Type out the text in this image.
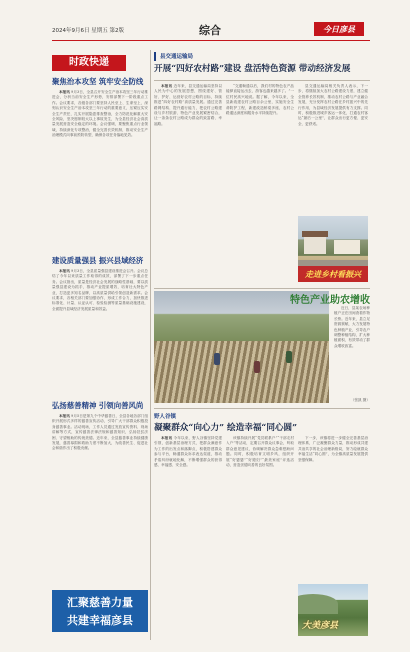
2024年9月6日 星期五 第2版	综合	今日彦县
时政快递
聚焦治本攻坚 筑牢安全防线

本报讯 9月3日，全县召开安全生产治本攻坚三年行动推进会，分析当前安全生产形势，安排部署下一阶段重点工作。会议要求，各级各部门要坚持人民至上、生命至上，深刻认识安全生产治本攻坚三年行动的重要意义，压紧压实安全生产责任，扎实开展隐患排查整治，全力防范化解重大安全风险，坚决遏制较大以上事故发生，为全县经济社会高质量发展营造安全稳定的环境。会议强调，要聚焦重点行业领域，持续深化专项整治，健全完善长效机制，推动安全生产治理模式向事前预防转型，确保各项任务落地见效。

建设质量强县 振兴县域经济

本报讯 9月3日，全县质量强县建设推进会召开。会议总结了今年以来质量工作取得的成效，部署了下一步重点任务。会议指出，质量是经济社会发展的战略性基础，要以质量强县建设为抓手，推动产业提质增效，培育壮大特色产业，打造更多知名品牌，以高质量供给引领创造新需求。会议要求，各相关部门要加强协作，形成工作合力，加快推进标准化、计量、认证认可、检验检测等质量基础设施建设，全面提升县域经济发展质量和效益。

弘扬慈善精神 引领向善风尚

本报讯 9月5日是第九个中华慈善日，全县各地各部门组织开展形式多样的慈善宣传活动，引导广大干部群众积极投身慈善事业。活动现场，工作人员通过发放宣传资料、现场讲解等方式，宣传慈善法律法规和慈善知识，弘扬扶贫济困、守望相助的传统美德。近年来，全县慈善事业持续健康发展，慈善募捐和救助力度不断加大，为改善民生、促进社会和谐作出了积极贡献。

汇聚慈善力量
共建幸福彦县
县交通运输局
开展“四好农村路”建设 盘活特色资源 带动经济发展

本报讯 近年来，县交通运输局坚持以人民为中心的发展思想，围绕建好、管好、护好、运营好农村公路的目标，持续推进“四好农村路”高质量发展。通过完善路网结构、提升通行能力，把农村公路建设与乡村旅游、特色产业发展紧密结合，让一条条农村公路成为群众的致富路、幸福路。

“交通畅通以后，我们村的特色农产品能够直接运出去，游客也越来越多了。”一位村民高兴地说。据了解，今年以来，全县新改建农村公路百余公里，实施安全生命防护工程，新建改造桥梁多座，农村公路通达深度和服务水平持续提升。

县交通运输局相关负责人表示，下一步，将继续加大农村公路建设力度，建立健全管养长效机制，推动农村公路与产业融合发展，充分发挥农村公路在乡村振兴中的先行作用，为县域经济发展提供有力支撑。同时，积极推进城乡客运一体化，打通农村客运“最后一公里”，让群众出行更方便、更安全、更舒适。

走进乡村看振兴
特色产业助农增收

近日，县某农场种植户正在田间查看作物长势。近年来，县立足资源禀赋，大力发展特色种植产业，引导农户调整种植结构，扩大种植面积，有效带动了群众增收致富。

（张凯 摄）
野人谷镇
凝聚群众“向心力” 绘造幸福“同心圆”

本报讯 今年以来，野人谷镇坚持党建引领，创新基层治理方式，把群众满意作为工作的出发点和落脚点，积极搭建群众参与平台，畅通群众诉求表达渠道，推动矛盾纠纷就地化解，不断增强群众的获得感、幸福感、安全感。

该镇持续开展“党员联系户”“干部走村入户”等活动，定期召开群众议事会，听取群众意见建议，协调解决群众急难愁盼问题。同时，积极培育文明乡风，组织开展“好婆婆”“好媳妇”“最美家庭”评选活动，营造崇德向善的良好氛围。

下一步，该镇将进一步健全完善基层治理体系，广泛凝聚群众力量，推动形成共建共治共享的社会治理新格局，努力绘就群众幸福生活“同心圆”，为全镇高质量发展提供坚强保障。

大美彦县
